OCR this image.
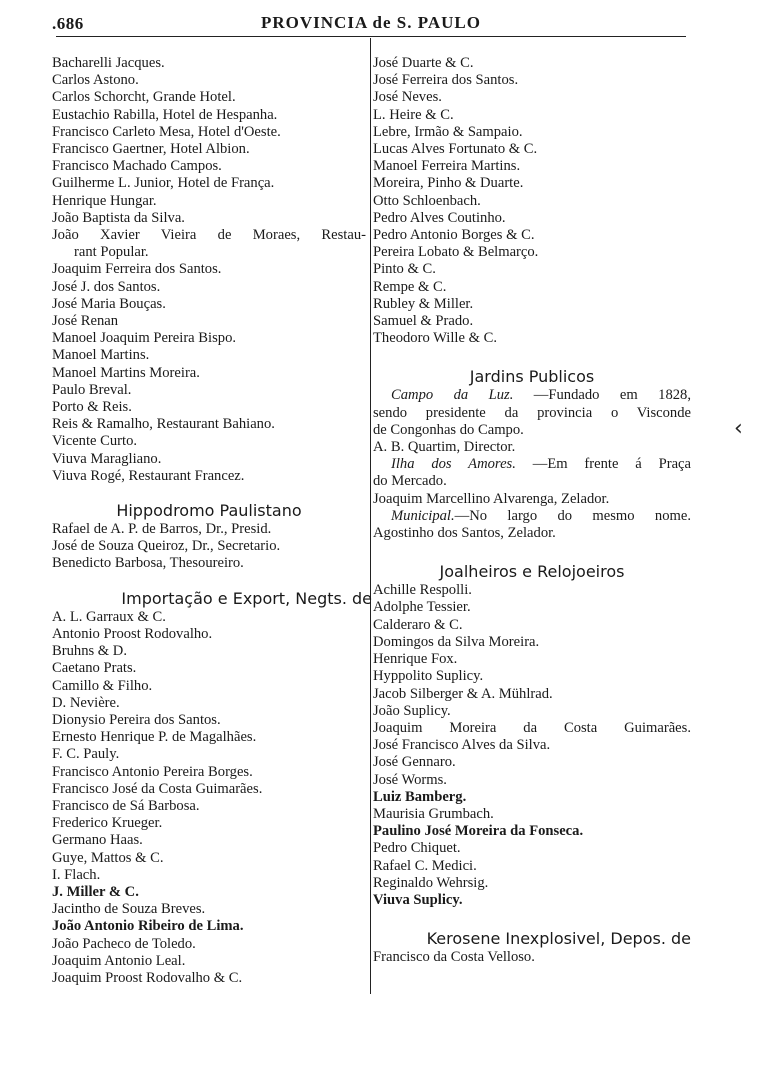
.686	PROVINCIA de S. PAULO
‹
Bacharelli Jacques.
Carlos Astono.
Carlos Schorcht, Grande Hotel.
Eustachio Rabilla, Hotel de Hespanha.
Francisco Carleto Mesa, Hotel d'Oeste.
Francisco Gaertner, Hotel Albion.
Francisco Machado Campos.
Guilherme L. Junior, Hotel de França.
Henrique Hungar.
João Baptista da Silva.
João Xavier Vieira de Moraes, Restau-
rant Popular.
Joaquim Ferreira dos Santos.
José J. dos Santos.
José Maria Bouças.
José Renan
Manoel Joaquim Pereira Bispo.
Manoel Martins.
Manoel Martins Moreira.
Paulo Breval.
Porto & Reis.
Reis & Ramalho, Restaurant Bahiano.
Vicente Curto.
Viuva Maragliano.
Viuva Rogé, Restaurant Francez.
Hippodromo Paulistano
Rafael de A. P. de Barros, Dr., Presid.
José de Souza Queiroz, Dr., Secretario.
Benedicto Barbosa, Thesoureiro.
Importação e Export, Negts. de
A. L. Garraux & C.
Antonio Proost Rodovalho.
Bruhns & D.
Caetano Prats.
Camillo & Filho.
D. Nevière.
Dionysio Pereira dos Santos.
Ernesto Henrique P. de Magalhães.
F. C. Pauly.
Francisco Antonio Pereira Borges.
Francisco José da Costa Guimarães.
Francisco de Sá Barbosa.
Frederico Krueger.
Germano Haas.
Guye, Mattos & C.
I. Flach.
J. Miller & C.
Jacintho de Souza Breves.
João Antonio Ribeiro de Lima.
João Pacheco de Toledo.
Joaquim Antonio Leal.
Joaquim Proost Rodovalho & C.
José Duarte & C.
José Ferreira dos Santos.
José Neves.
L. Heire & C.
Lebre, Irmão & Sampaio.
Lucas Alves Fortunato & C.
Manoel Ferreira Martins.
Moreira, Pinho & Duarte.
Otto Schloenbach.
Pedro Alves Coutinho.
Pedro Antonio Borges & C.
Pereira Lobato & Belmarço.
Pinto & C.
Rempe & C.
Rubley & Miller.
Samuel & Prado.
Theodoro Wille & C.
Jardins Publicos
Campo da Luz. —Fundado em 1828,
sendo presidente da provincia o Visconde
de Congonhas do Campo.
A. B. Quartim, Director.
Ilha dos Amores. —Em frente á Praça
do Mercado.
Joaquim Marcellino Alvarenga, Zelador.
Municipal.—No largo do mesmo nome.
Agostinho dos Santos, Zelador.
Joalheiros e Relojoeiros
Achille Respolli.
Adolphe Tessier.
Calderaro & C.
Domingos da Silva Moreira.
Henrique Fox.
Hyppolito Supliсy.
Jacob Silberger & A. Mühlrad.
João Suplicy.
Joaquim Moreira da Costa Guimarães.
José Francisco Alves da Silva.
José Gennaro.
José Worms.
Luiz Bamberg.
Maurisia Grumbach.
Paulino José Moreira da Fonseca.
Pedro Chiquet.
Rafael C. Medici.
Reginaldo Wehrsig.
Viuva Suplicy.
Kerosene Inexplosivel, Depos. de
Francisco da Costa Velloso.
